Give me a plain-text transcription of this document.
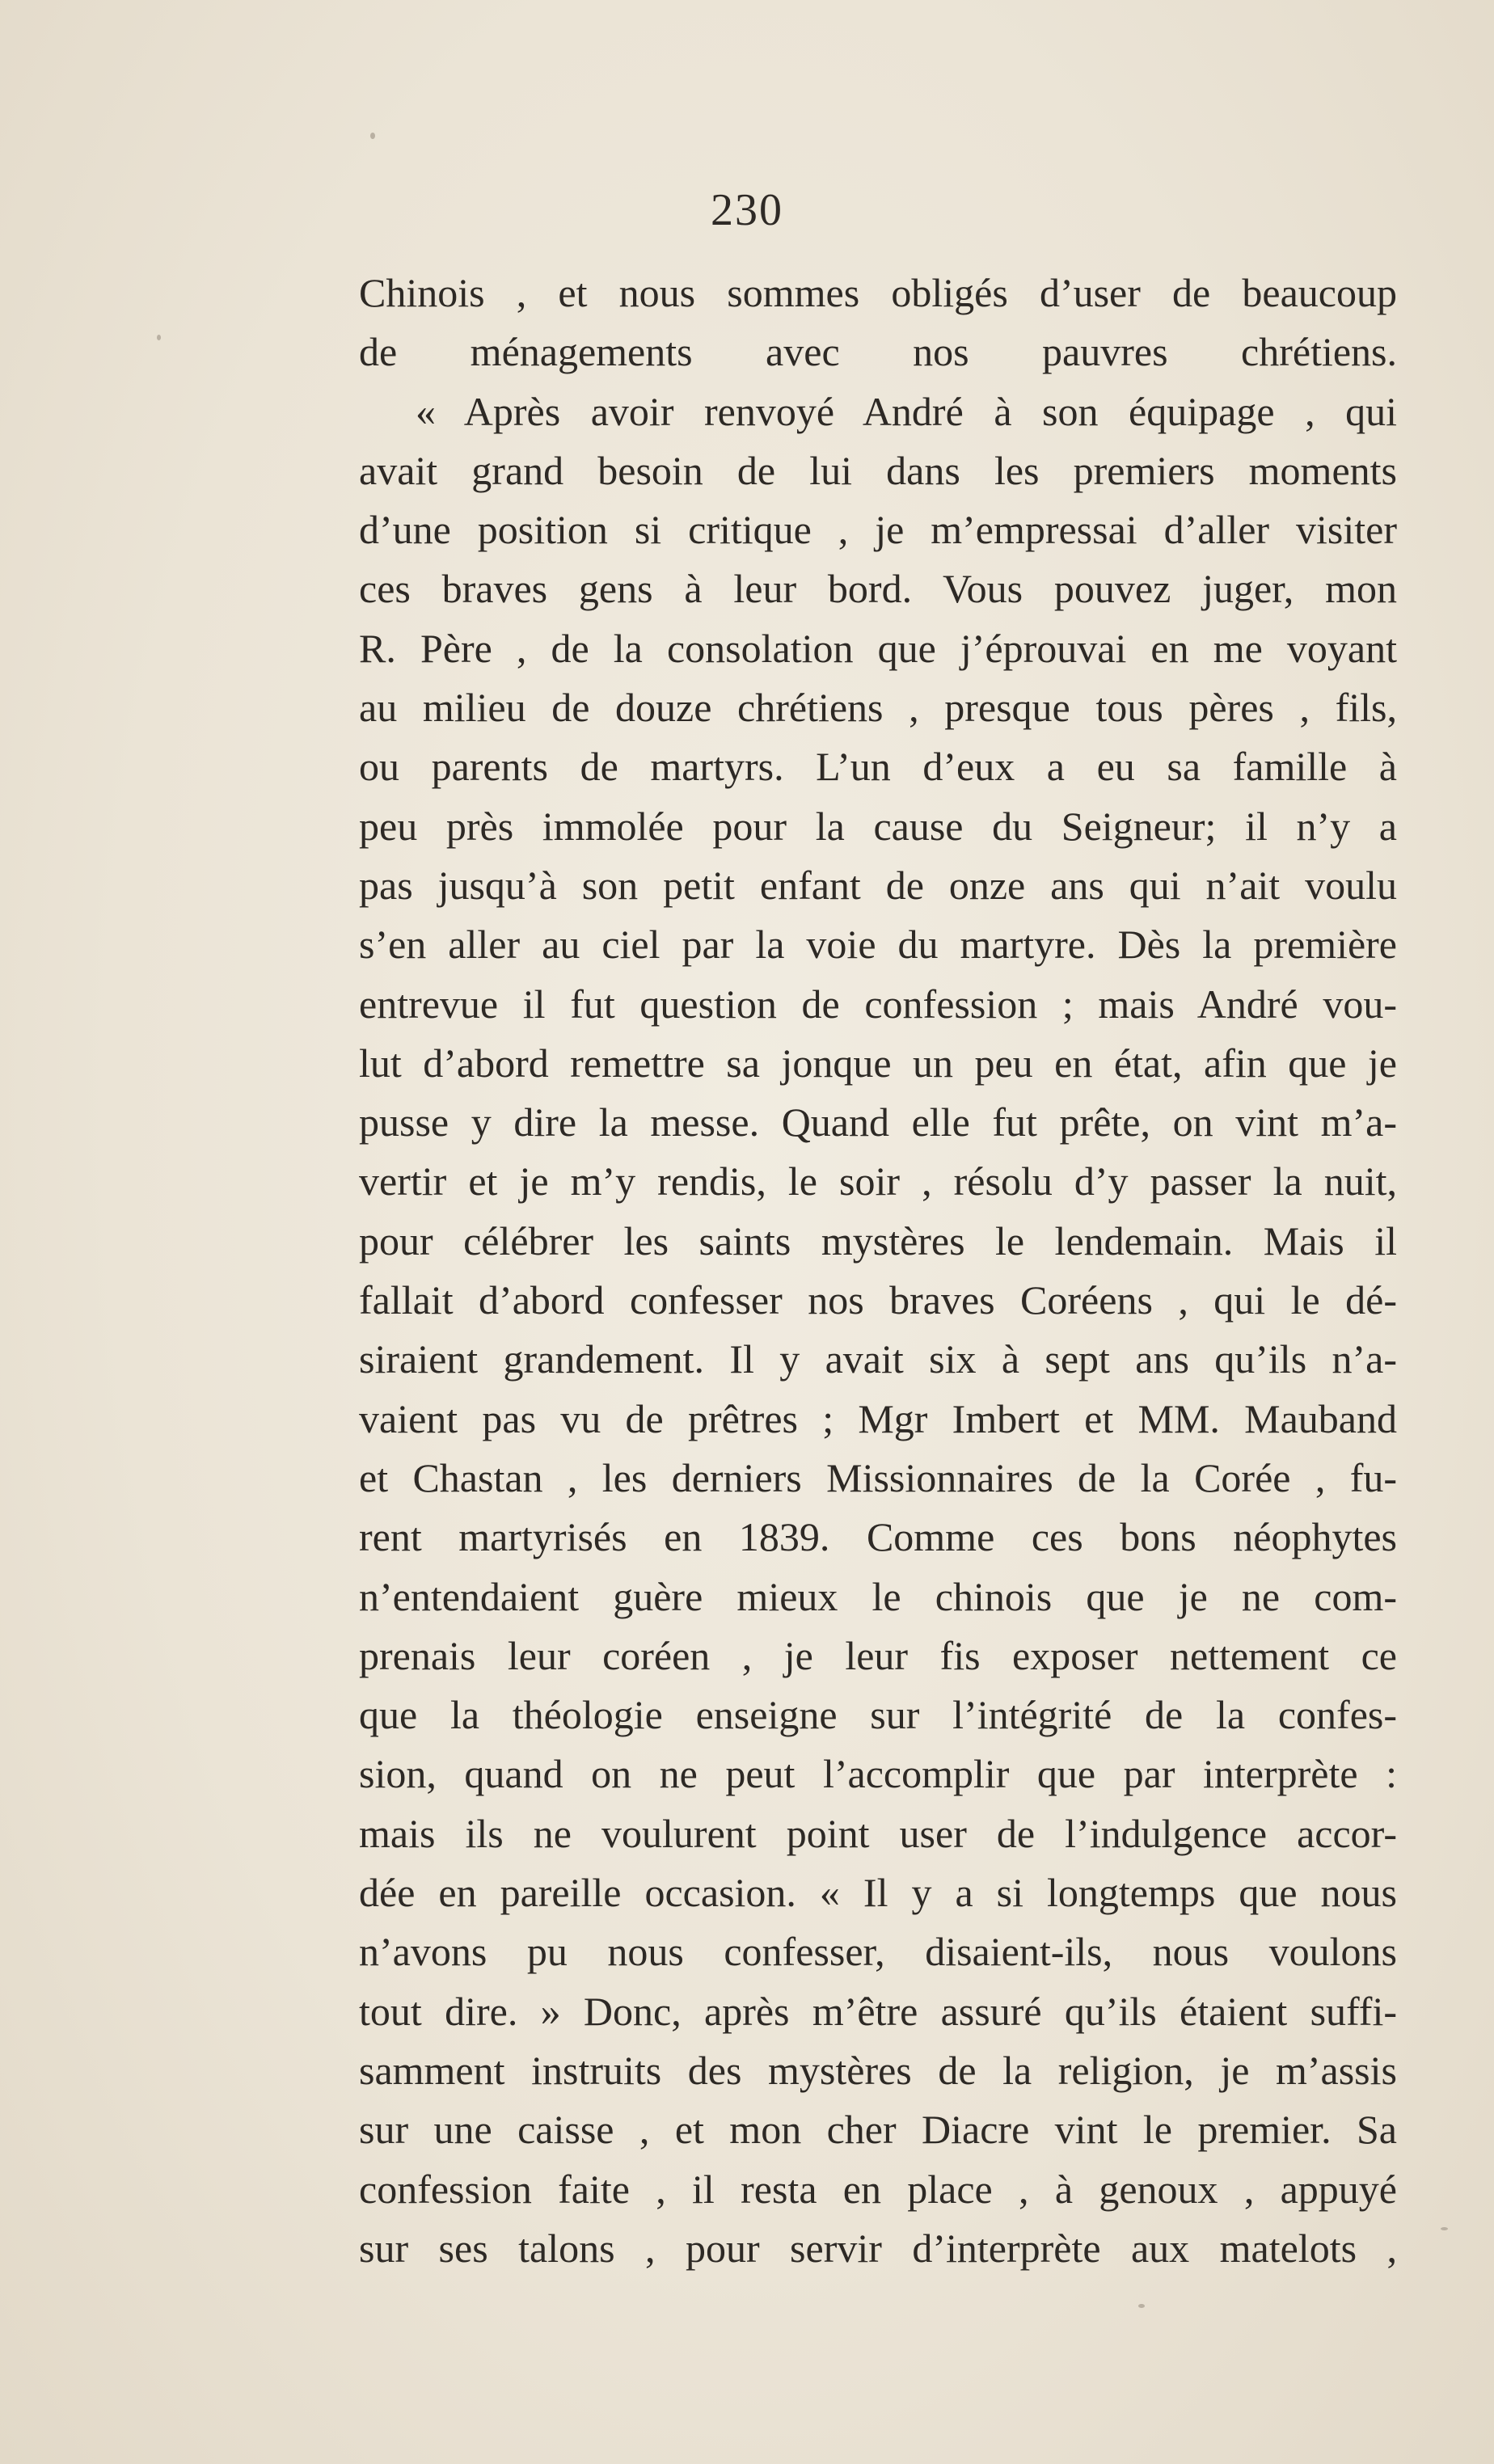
230
Chinois , et nous sommes obligés d’user de beaucoup
de ménagements avec nos pauvres chrétiens.
« Après avoir renvoyé André à son équipage , qui
avait grand besoin de lui dans les premiers moments
d’une position si critique , je m’empressai d’aller visiter
ces braves gens à leur bord. Vous pouvez juger, mon
R. Père , de la consolation que j’éprouvai en me voyant
au milieu de douze chrétiens , presque tous pères , fils,
ou parents de martyrs. L’un d’eux a eu sa famille à
peu près immolée pour la cause du Seigneur; il n’y a
pas jusqu’à son petit enfant de onze ans qui n’ait voulu
s’en aller au ciel par la voie du martyre. Dès la première
entrevue il fut question de confession ; mais André vou-
lut d’abord remettre sa jonque un peu en état, afin que je
pusse y dire la messe. Quand elle fut prête, on vint m’a-
vertir et je m’y rendis, le soir , résolu d’y passer la nuit,
pour célébrer les saints mystères le lendemain. Mais il
fallait d’abord confesser nos braves Coréens , qui le dé-
siraient grandement. Il y avait six à sept ans qu’ils n’a-
vaient pas vu de prêtres ; Mgr Imbert et MM. Mauband
et Chastan , les derniers Missionnaires de la Corée , fu-
rent martyrisés en 1839. Comme ces bons néophytes
n’entendaient guère mieux le chinois que je ne com-
prenais leur coréen , je leur fis exposer nettement ce
que la théologie enseigne sur l’intégrité de la confes-
sion, quand on ne peut l’accomplir que par interprète :
mais ils ne voulurent point user de l’indulgence accor-
dée en pareille occasion. « Il y a si longtemps que nous
n’avons pu nous confesser, disaient-ils, nous voulons
tout dire. » Donc, après m’être assuré qu’ils étaient suffi-
samment instruits des mystères de la religion, je m’assis
sur une caisse , et mon cher Diacre vint le premier. Sa
confession faite , il resta en place , à genoux , appuyé
sur ses talons , pour servir d’interprète aux matelots ,
